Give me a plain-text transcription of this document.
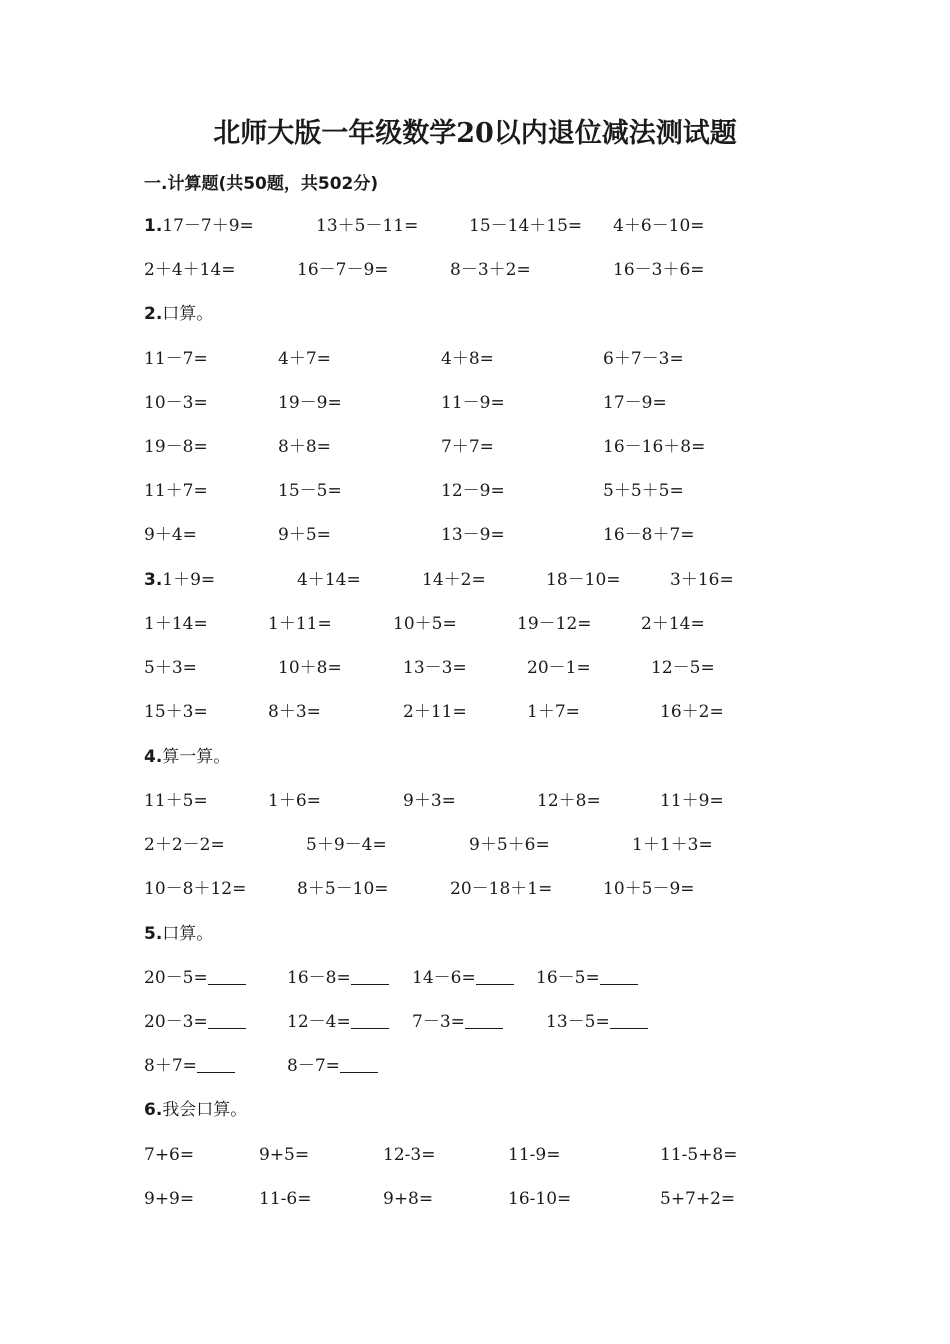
北师大版一年级数学20以内退位减法测试题
一.计算题(共50题，共502分)
1.17－7＋9=	13＋5－11=	15－14＋15= 4＋6－10=
2＋4＋14=	16－7－9=	8－3＋2=	16－3＋6=
2.口算。
11－7=	4＋7=	4＋8=	6＋7－3=
10－3=	19－9=	11－9=	17－9=
19－8=	8＋8=	7＋7=	16－16＋8=
11＋7=	15－5=	12－9=	5＋5＋5=
9＋4=	9＋5=	13－9=	16－8＋7=
3.1＋9=	4＋14=	14＋2=	18－10=	3＋16=
1＋14=	1＋11=	10＋5=	19－12=	2＋14=
5＋3=	10＋8=	13－3=	20－1=	12－5=
15＋3=	8＋3=	2＋11=	1＋7=	16＋2=
4.算一算。
11＋5=	1＋6=	9＋3=	12＋8=	11＋9=
2＋2－2=	5＋9－4=	9＋5＋6=	1＋1＋3=
10－8＋12=	8＋5－10=	20－18＋1=	10＋5－9=
5.口算。
20－5=	16－8=	14－6=	16－5=
20－3=	12－4=	7－3=	13－5=
8＋7=	8－7=
6.我会口算。
7+6=	9+5=	12-3=	11-9=	11-5+8=
9+9=	11-6=	9+8=	16-10=	5+7+2=
